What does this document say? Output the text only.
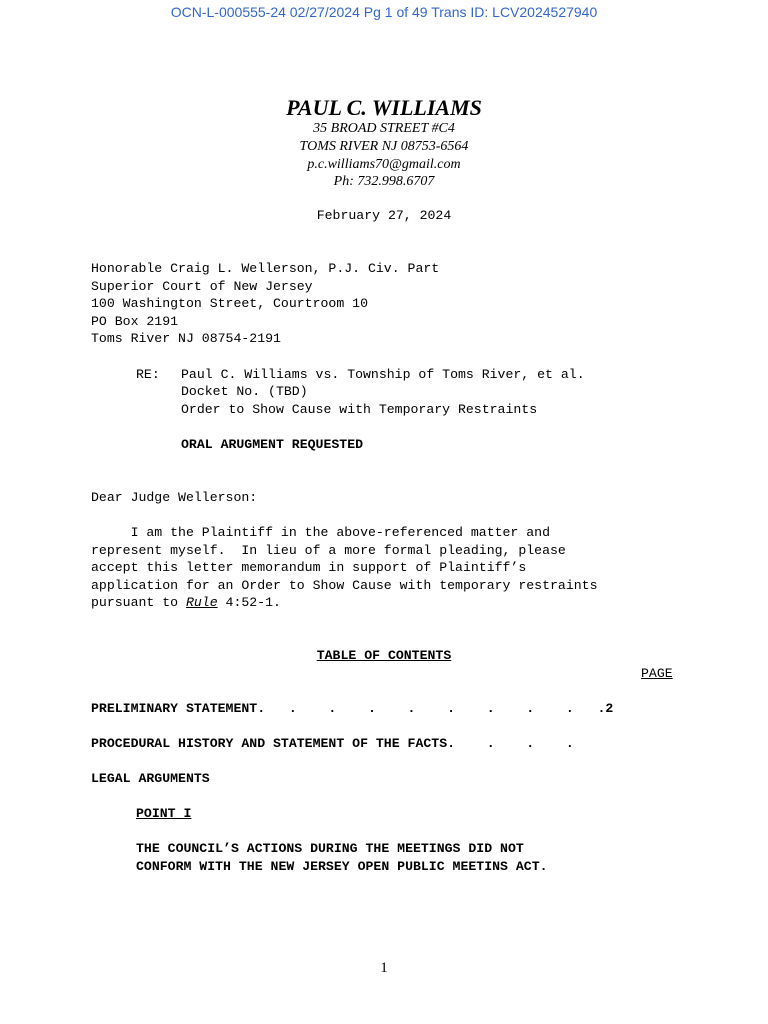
OCN-L-000555-24 02/27/2024 Pg 1 of 49 Trans ID: LCV2024527940
PAUL C. WILLIAMS
35 BROAD STREET #C4
TOMS RIVER NJ 08753-6564
p.c.williams70@gmail.com
Ph: 732.998.6707
February 27, 2024
Honorable Craig L. Wellerson, P.J. Civ. Part
Superior Court of New Jersey
100 Washington Street, Courtroom 10
PO Box 2191
Toms River NJ 08754-2191
RE: Paul C. Williams vs. Township of Toms River, et al.
Docket No. (TBD)
Order to Show Cause with Temporary Restraints
ORAL ARUGMENT REQUESTED
Dear Judge Wellerson:
I am the Plaintiff in the above-referenced matter and
represent myself.  In lieu of a more formal pleading, please
accept this letter memorandum in support of Plaintiff’s
application for an Order to Show Cause with temporary restraints
pursuant to Rule 4:52-1.
TABLE OF CONTENTS
PAGE
PRELIMINARY STATEMENT.   .    .    .    .    .    .    .    .   .2
PROCEDURAL HISTORY AND STATEMENT OF THE FACTS.    .    .    .
LEGAL ARGUMENTS
POINT I
THE COUNCIL’S ACTIONS DURING THE MEETINGS DID NOT
CONFORM WITH THE NEW JERSEY OPEN PUBLIC MEETINS ACT.
1
